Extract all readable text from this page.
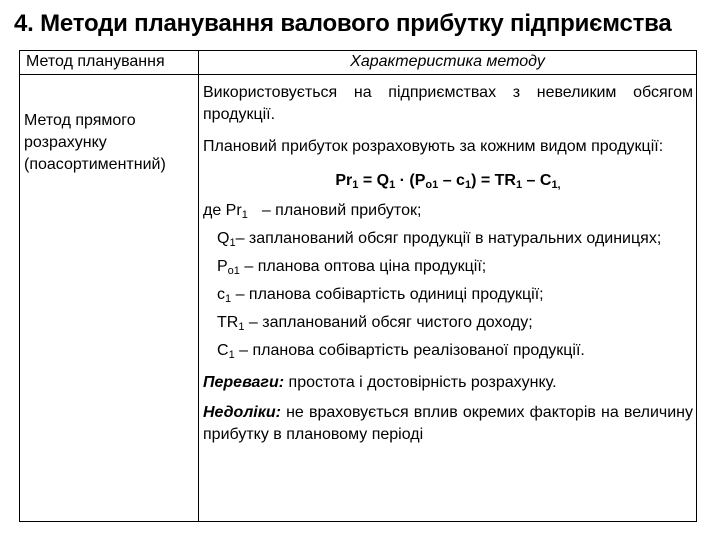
4. Методи планування валового прибутку підприємства
Метод планування	Характеристика методу
Метод прямого
розрахунку
(поасортиментний)

Використовується на підприємствах з невеликим обсягом продукції.

Плановий прибуток розраховують за кожним видом продукції:

$Pr_1 = Q_1 \cdot (P_{o1} - c_1) = TR_1 - C_{1,}$

де $Pr_1$ – плановий прибуток;

$Q_1-$ запланований обсяг продукції в натуральних одиницях;

$P_{o1}$ – планова оптова ціна продукції;

$c_1$ – планова собівартість одиниці продукції;

$TR_1$ – запланований обсяг чистого доходу;

$C_1$ – планова собівартість реалізованої продукції.

Переваги: простота і достовірність розрахунку.

Недоліки: не враховується вплив окремих факторів на величину прибутку в плановому періоді
